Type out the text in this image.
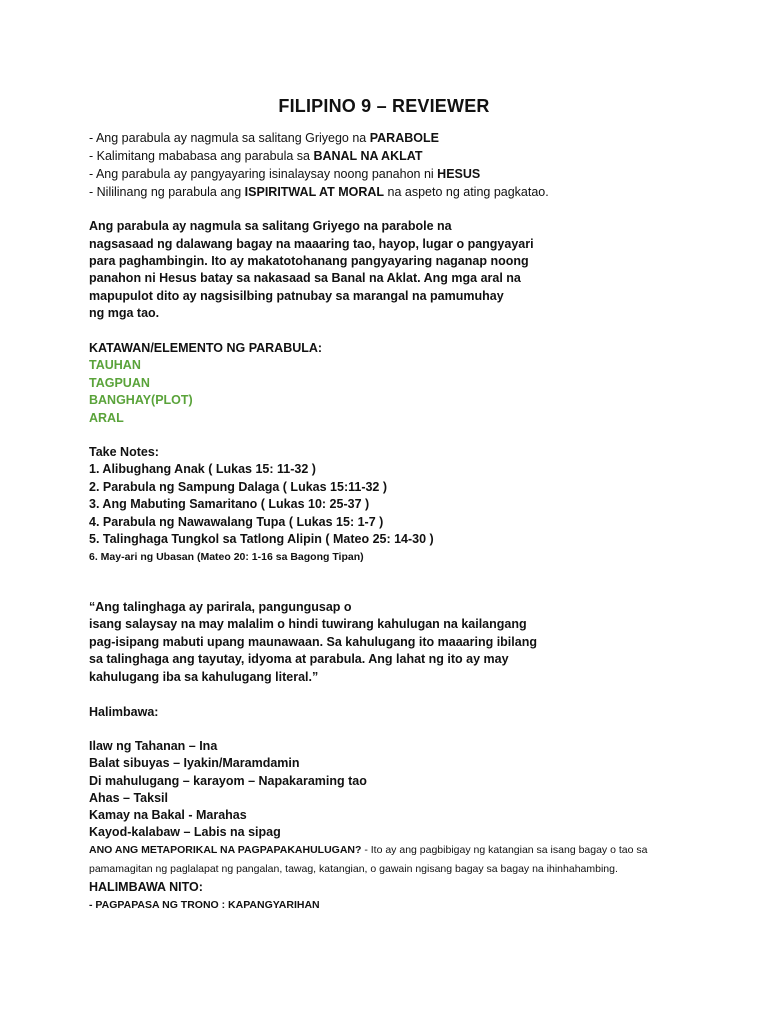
FILIPINO 9 – REVIEWER
- Ang parabula ay nagmula sa salitang Griyego na PARABOLE
- Kalimitang mababasa ang parabula sa BANAL NA AKLAT
- Ang parabula ay pangyayaring isinalaysay noong panahon ni HESUS
- Nililinang ng parabula ang ISPIRITWAL AT MORAL na aspeto ng ating pagkatao.
Ang parabula ay nagmula sa salitang Griyego na parabole na
nagsasaad ng dalawang bagay na maaaring tao, hayop, lugar o pangyayari
para paghambingin. Ito ay makatotohanang pangyayaring naganap noong
panahon ni Hesus batay sa nakasaad sa Banal na Aklat. Ang mga aral na
mapupulot dito ay nagsisilbing patnubay sa marangal na pamumuhay
ng mga tao.
KATAWAN/ELEMENTO NG PARABULA:
TAUHAN
TAGPUAN
BANGHAY(PLOT)
ARAL
Take Notes:
1. Alibughang Anak ( Lukas 15: 11-32 )
2. Parabula ng Sampung Dalaga ( Lukas 15:11-32 )
3. Ang Mabuting Samaritano ( Lukas 10: 25-37 )
4. Parabula ng Nawawalang Tupa ( Lukas 15: 1-7 )
5. Talinghaga Tungkol sa Tatlong Alipin ( Mateo 25: 14-30 )
6. May-ari ng Ubasan (Mateo 20: 1-16 sa Bagong Tipan)
“Ang talinghaga ay parirala, pangungusap o
isang salaysay na may malalim o hindi tuwirang kahulugan na kailangang
pag-isipang mabuti upang maunawaan. Sa kahulugang ito maaaring ibilang
sa talinghaga ang tayutay, idyoma at parabula. Ang lahat ng ito ay may
kahulugang iba sa kahulugang literal.”
Halimbawa:
Ilaw ng Tahanan – Ina
Balat sibuyas – Iyakin/Maramdamin
Di mahulugang – karayom – Napakaraming tao
Ahas – Taksil
Kamay na Bakal - Marahas
Kayod-kalabaw – Labis na sipag
ANO ANG METAPORIKAL NA PAGPAPAKAHULUGAN? - Ito ay ang pagbibigay ng katangian sa isang bagay o tao sa
pamamagitan ng paglalapat ng pangalan, tawag, katangian, o gawain ngisang bagay sa bagay na ihinhahambing.
HALIMBAWA NITO:
- PAGPAPASA NG TRONO : KAPANGYARIHAN
